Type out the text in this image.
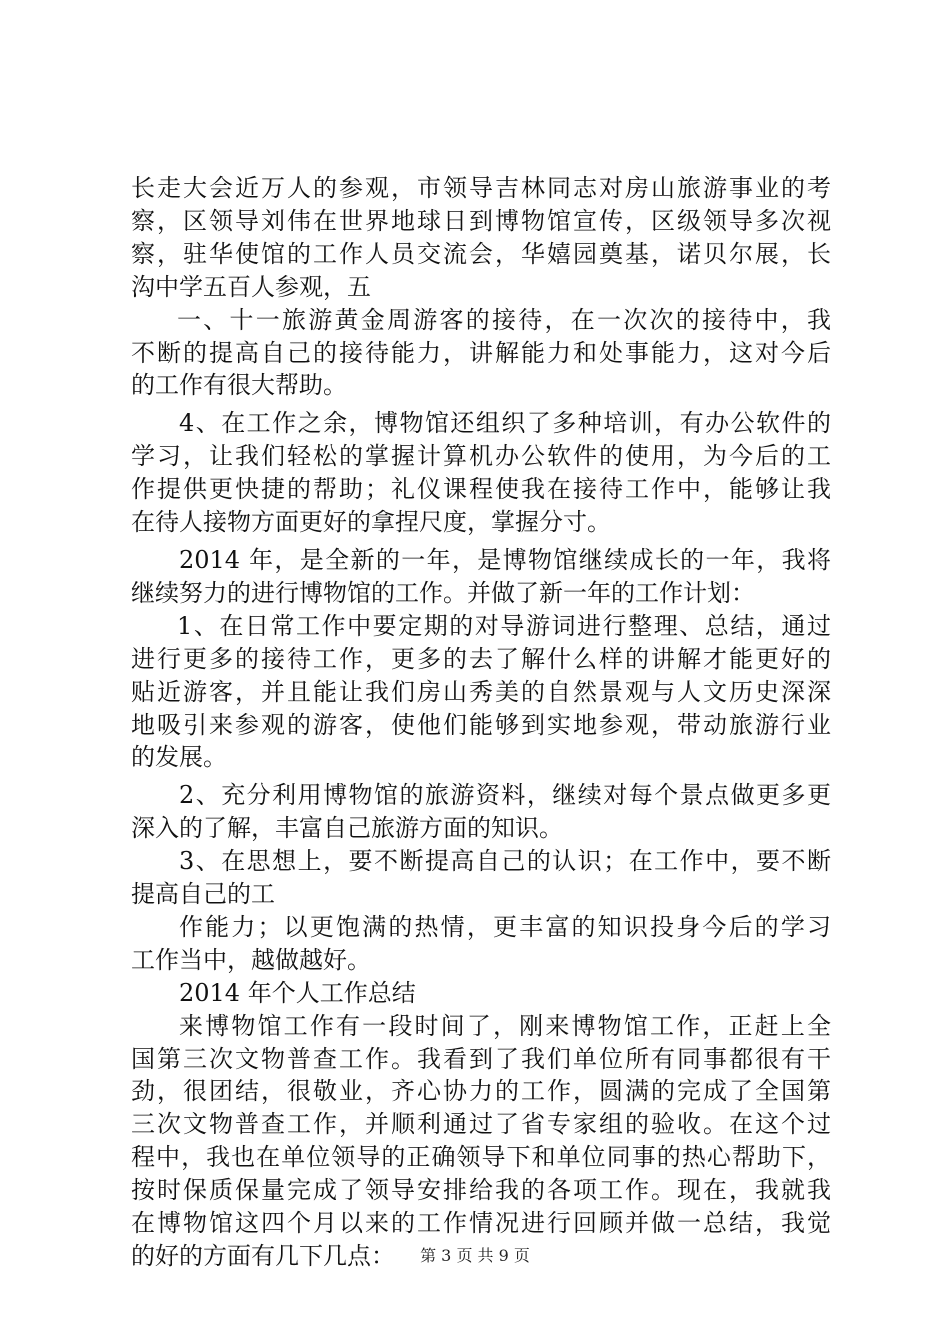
长走大会近万人的参观，市领导吉林同志对房山旅游事业的考
察，区领导刘伟在世界地球日到博物馆宣传，区级领导多次视
察，驻华使馆的工作人员交流会，华嬉园奠基，诺贝尔展，长
沟中学五百人参观，五
一、十一旅游黄金周游客的接待，在一次次的接待中，我
不断的提高自己的接待能力，讲解能力和处事能力，这对今后
的工作有很大帮助。
4、在工作之余，博物馆还组织了多种培训，有办公软件的
学习，让我们轻松的掌握计算机办公软件的使用，为今后的工
作提供更快捷的帮助；礼仪课程使我在接待工作中，能够让我
在待人接物方面更好的拿捏尺度，掌握分寸。
2014 年，是全新的一年，是博物馆继续成长的一年，我将
继续努力的进行博物馆的工作。并做了新一年的工作计划：
1、在日常工作中要定期的对导游词进行整理、总结，通过
进行更多的接待工作，更多的去了解什么样的讲解才能更好的
贴近游客，并且能让我们房山秀美的自然景观与人文历史深深
地吸引来参观的游客，使他们能够到实地参观，带动旅游行业
的发展。
2、充分利用博物馆的旅游资料，继续对每个景点做更多更
深入的了解，丰富自己旅游方面的知识。
3、在思想上，要不断提高自己的认识；在工作中，要不断
提高自己的工
作能力；以更饱满的热情，更丰富的知识投身今后的学习
工作当中，越做越好。
2014 年个人工作总结
来博物馆工作有一段时间了，刚来博物馆工作，正赶上全
国第三次文物普查工作。我看到了我们单位所有同事都很有干
劲，很团结，很敬业，齐心协力的工作，圆满的完成了全国第
三次文物普查工作，并顺利通过了省专家组的验收。在这个过
程中，我也在单位领导的正确领导下和单位同事的热心帮助下，
按时保质保量完成了领导安排给我的各项工作。现在，我就我
在博物馆这四个月以来的工作情况进行回顾并做一总结，我觉
的好的方面有几下几点：	第 3 页 共 9 页
